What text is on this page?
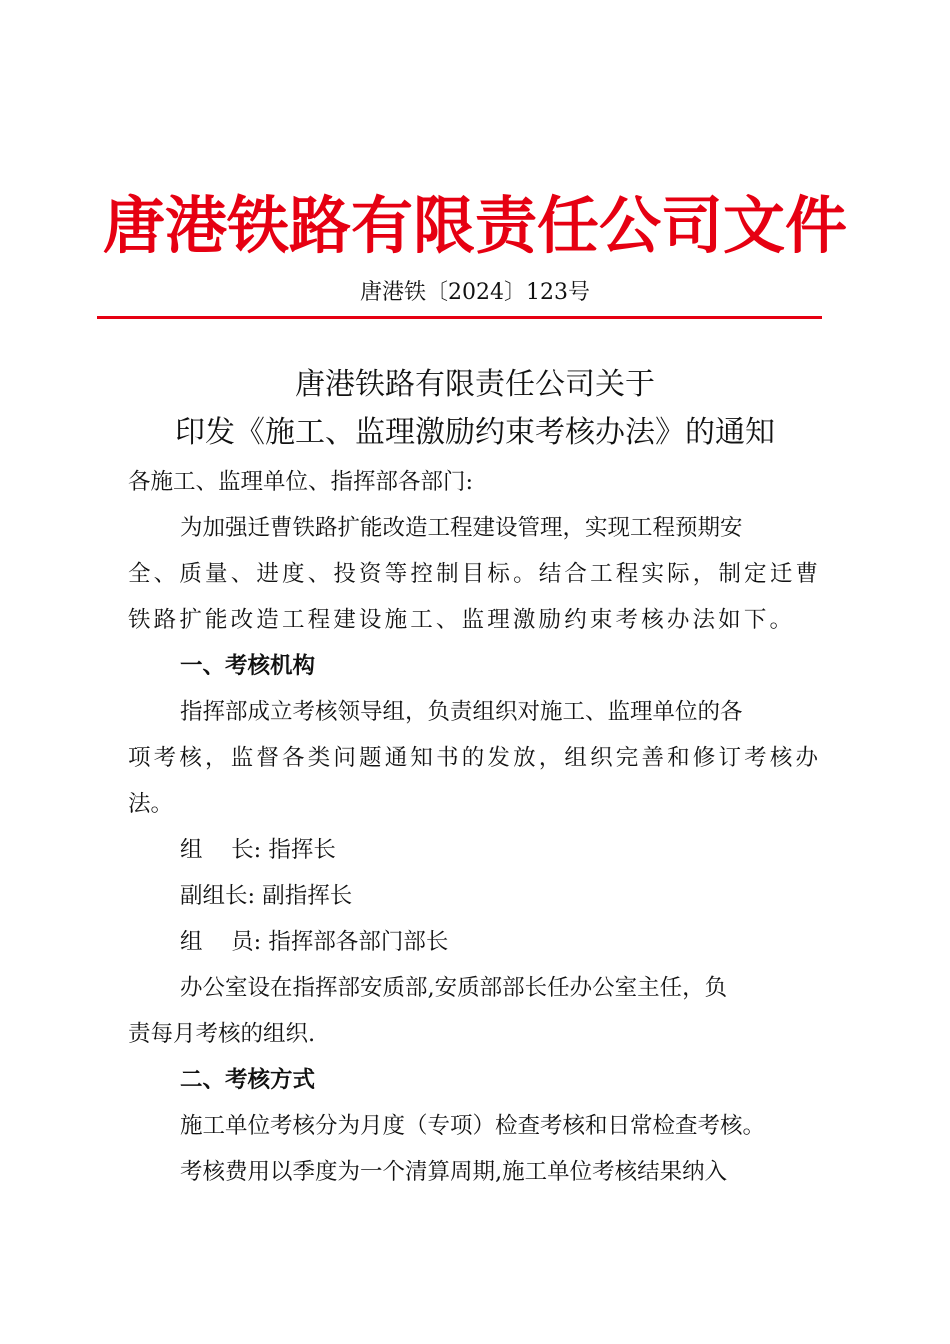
唐港铁路有限责任公司文件
唐港铁〔2024〕123号
唐港铁路有限责任公司关于
印发《施工、监理激励约束考核办法》的通知
各施工、监理单位、指挥部各部门:
为加强迁曹铁路扩能改造工程建设管理，实现工程预期安
全、质量、进度、投资等控制目标。结合工程实际，制定迁曹
铁路扩能改造工程建设施工、监理激励约束考核办法如下。
一、考核机构
指挥部成立考核领导组，负责组织对施工、监理单位的各
项考核，监督各类问题通知书的发放，组织完善和修订考核办
法。
组    长: 指挥长
副组长: 副指挥长
组    员: 指挥部各部门部长
办公室设在指挥部安质部,安质部部长任办公室主任，负
责每月考核的组织.
二、考核方式
施工单位考核分为月度（专项）检查考核和日常检查考核。
考核费用以季度为一个清算周期,施工单位考核结果纳入
